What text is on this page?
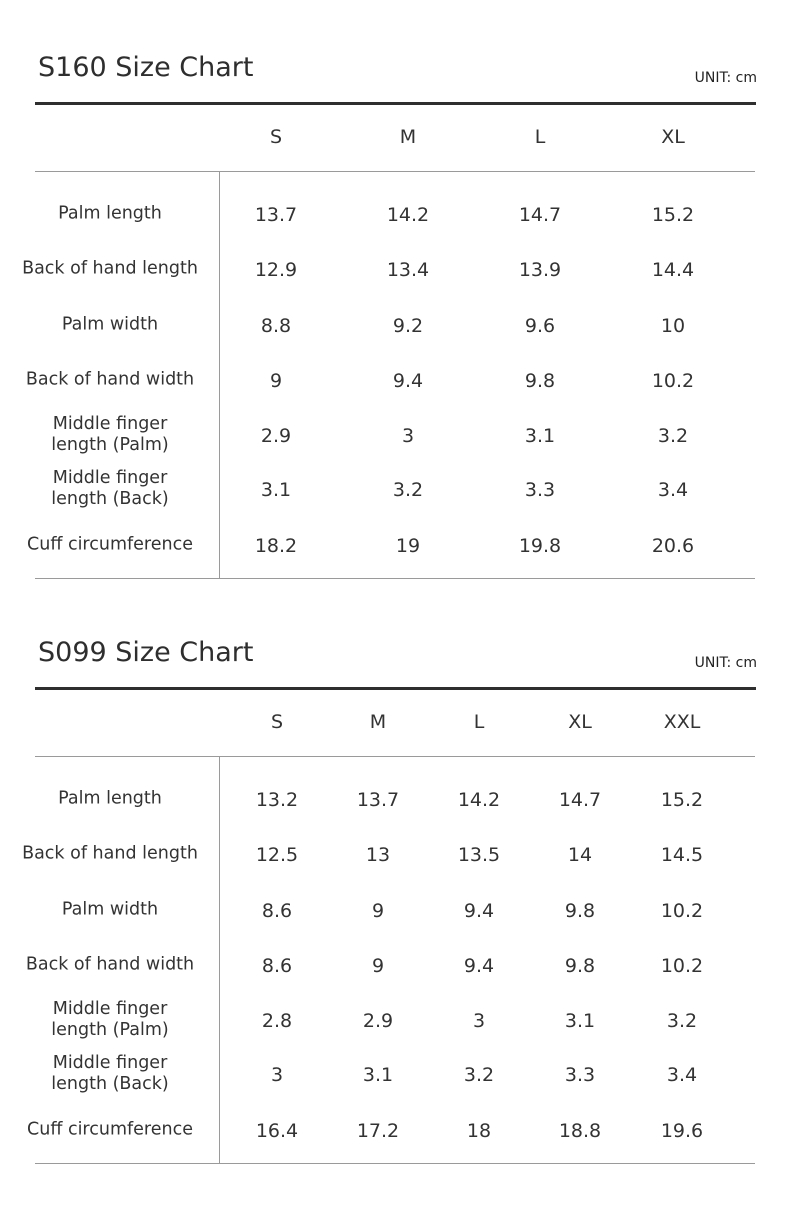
S160 Size Chart	UNIT: cm
S	M	L	XL
Palm length	13.7	14.2	14.7	15.2
Back of hand length	12.9	13.4	13.9	14.4
Palm width	8.8	9.2	9.6	10
Back of hand width	9	9.4	9.8	10.2
Middle finger
length (Palm)	2.9	3	3.1	3.2
Middle finger
length (Back)	3.1	3.2	3.3	3.4
Cuff circumference	18.2	19	19.8	20.6
S099 Size Chart	UNIT: cm
S	M	L	XL	XXL
Palm length	13.2	13.7	14.2	14.7	15.2
Back of hand length	12.5	13	13.5	14	14.5
Palm width	8.6	9	9.4	9.8	10.2
Back of hand width	8.6	9	9.4	9.8	10.2
Middle finger
length (Palm)	2.8	2.9	3	3.1	3.2
Middle finger
length (Back)	3	3.1	3.2	3.3	3.4
Cuff circumference	16.4	17.2	18	18.8	19.6
